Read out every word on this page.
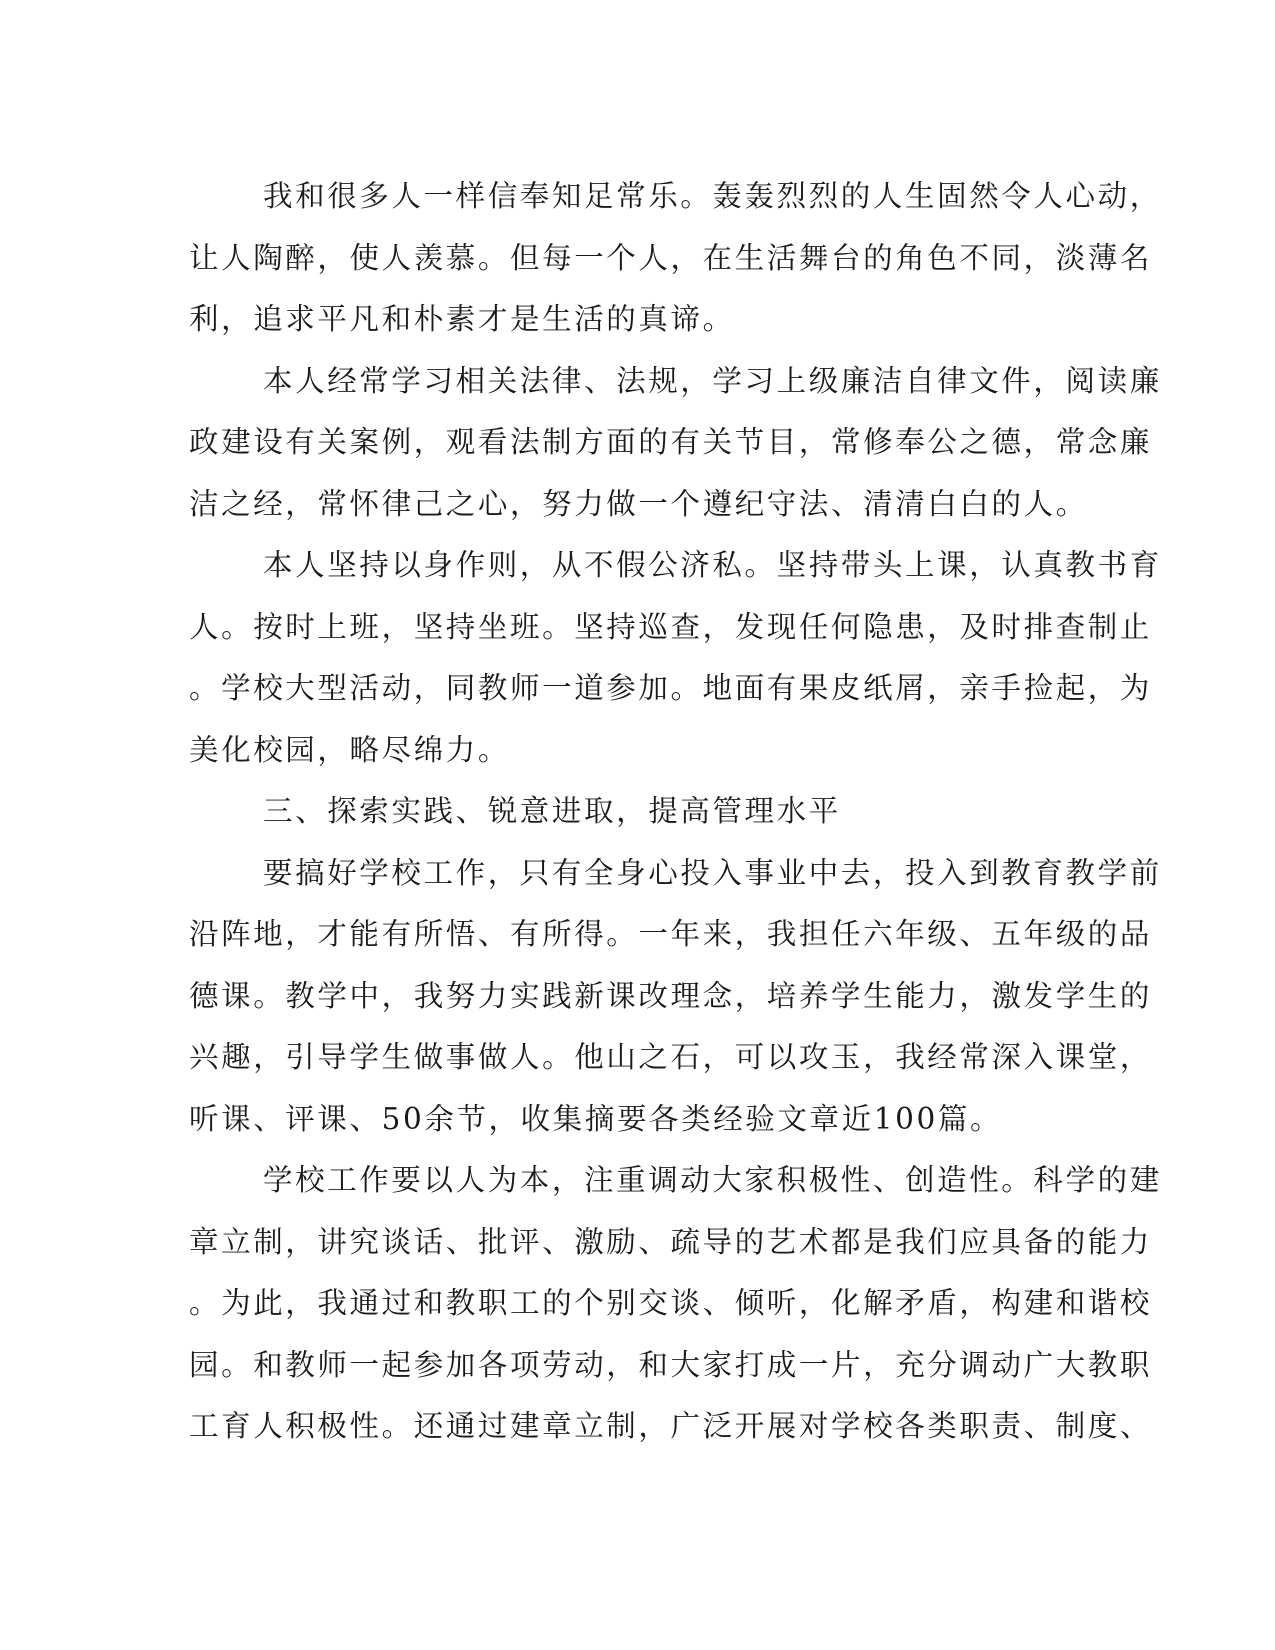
我和很多人一样信奉知足常乐。轰轰烈烈的人生固然令人心动，
让人陶醉，使人羡慕。但每一个人，在生活舞台的角色不同，淡薄名
利，追求平凡和朴素才是生活的真谛。
本人经常学习相关法律、法规，学习上级廉洁自律文件，阅读廉
政建设有关案例，观看法制方面的有关节目，常修奉公之德，常念廉
洁之经，常怀律己之心，努力做一个遵纪守法、清清白白的人。
本人坚持以身作则，从不假公济私。坚持带头上课，认真教书育
人。按时上班，坚持坐班。坚持巡查，发现任何隐患，及时排查制止
。学校大型活动，同教师一道参加。地面有果皮纸屑，亲手捡起，为
美化校园，略尽绵力。
三、探索实践、锐意进取，提高管理水平
要搞好学校工作，只有全身心投入事业中去，投入到教育教学前
沿阵地，才能有所悟、有所得。一年来，我担任六年级、五年级的品
德课。教学中，我努力实践新课改理念，培养学生能力，激发学生的
兴趣，引导学生做事做人。他山之石，可以攻玉，我经常深入课堂，
听课、评课、50余节，收集摘要各类经验文章近100篇。
学校工作要以人为本，注重调动大家积极性、创造性。科学的建
章立制，讲究谈话、批评、激励、疏导的艺术都是我们应具备的能力
。为此，我通过和教职工的个别交谈、倾听，化解矛盾，构建和谐校
园。和教师一起参加各项劳动，和大家打成一片，充分调动广大教职
工育人积极性。还通过建章立制，广泛开展对学校各类职责、制度、
